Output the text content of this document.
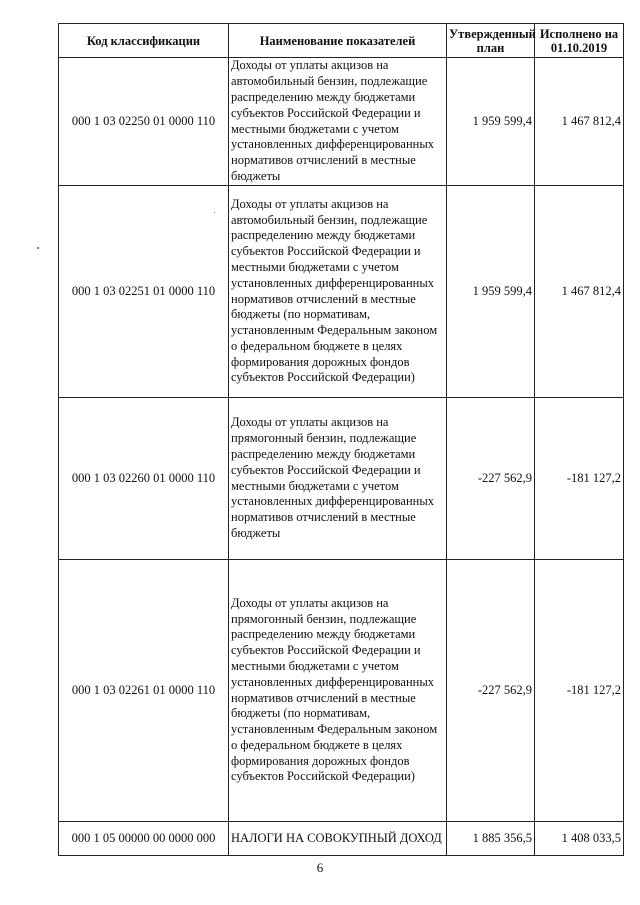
Код классификации	Наименование показателей	Утвержденный план	Исполнено на 01.10.2019
000 1 03 02250 01 0000 110	Доходы от уплаты акцизов на автомобильный бензин, подлежащие распределению между бюджетами субъектов Российской Федерации и местными бюджетами с учетом установленных дифференцированных нормативов отчислений в местные бюджеты	1 959 599,4	1 467 812,4
000 1 03 02251 01 0000 110	Доходы от уплаты акцизов на автомобильный бензин, подлежащие распределению между бюджетами субъектов Российской Федерации и местными бюджетами с учетом установленных дифференцированных нормативов отчислений в местные бюджеты (по нормативам, установленным Федеральным законом о федеральном бюджете в целях формирования дорожных фондов субъектов Российской Федерации)	1 959 599,4	1 467 812,4
000 1 03 02260 01 0000 110	Доходы от уплаты акцизов на прямогонный бензин, подлежащие распределению между бюджетами субъектов Российской Федерации и местными бюджетами с учетом установленных дифференцированных нормативов отчислений в местные бюджеты	-227 562,9	-181 127,2
000 1 03 02261 01 0000 110	Доходы от уплаты акцизов на прямогонный бензин, подлежащие распределению между бюджетами субъектов Российской Федерации и местными бюджетами с учетом установленных дифференцированных нормативов отчислений в местные бюджеты (по нормативам, установленным Федеральным законом о федеральном бюджете в целях формирования дорожных фондов субъектов Российской Федерации)	-227 562,9	-181 127,2
000 1 05 00000 00 0000 000	НАЛОГИ НА СОВОКУПНЫЙ ДОХОД	1 885 356,5	1 408 033,5
6
